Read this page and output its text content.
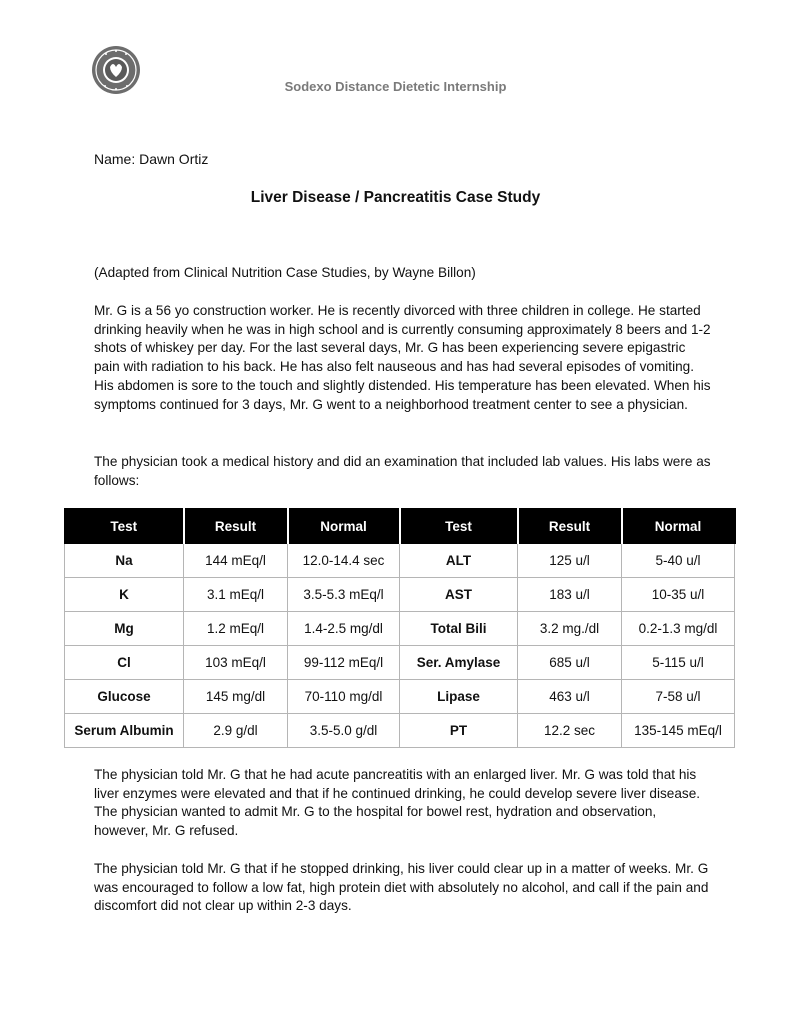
Sodexo Distance Dietetic Internship
Name: Dawn Ortiz
Liver Disease / Pancreatitis Case Study
(Adapted from Clinical Nutrition Case Studies, by Wayne Billon)
Mr. G is a 56 yo construction worker. He is recently divorced with three children in college. He started drinking heavily when he was in high school and is currently consuming approximately 8 beers and 1-2 shots of whiskey per day. For the last several days, Mr. G has been experiencing severe epigastric pain with radiation to his back. He has also felt nauseous and has had several episodes of vomiting. His abdomen is sore to the touch and slightly distended. His temperature has been elevated. When his symptoms continued for 3 days, Mr. G went to a neighborhood treatment center to see a physician.
The physician took a medical history and did an examination that included lab values. His labs were as follows:
Test	Result	Normal	Test	Result	Normal
Na	144 mEq/l	12.0-14.4 sec	ALT	125 u/l	5-40 u/l
K	3.1 mEq/l	3.5-5.3 mEq/l	AST	183 u/l	10-35 u/l
Mg	1.2 mEq/l	1.4-2.5 mg/dl	Total Bili	3.2 mg./dl	0.2-1.3 mg/dl
Cl	103 mEq/l	99-112 mEq/l	Ser. Amylase	685 u/l	5-115 u/l
Glucose	145 mg/dl	70-110 mg/dl	Lipase	463 u/l	7-58 u/l
Serum Albumin	2.9 g/dl	3.5-5.0 g/dl	PT	12.2 sec	135-145 mEq/l
The physician told Mr. G that he had acute pancreatitis with an enlarged liver. Mr. G was told that his liver enzymes were elevated and that if he continued drinking, he could develop severe liver disease. The physician wanted to admit Mr. G to the hospital for bowel rest, hydration and observation, however, Mr. G refused.
The physician told Mr. G that if he stopped drinking, his liver could clear up in a matter of weeks. Mr. G was encouraged to follow a low fat, high protein diet with absolutely no alcohol, and call if the pain and discomfort did not clear up within 2-3 days.
